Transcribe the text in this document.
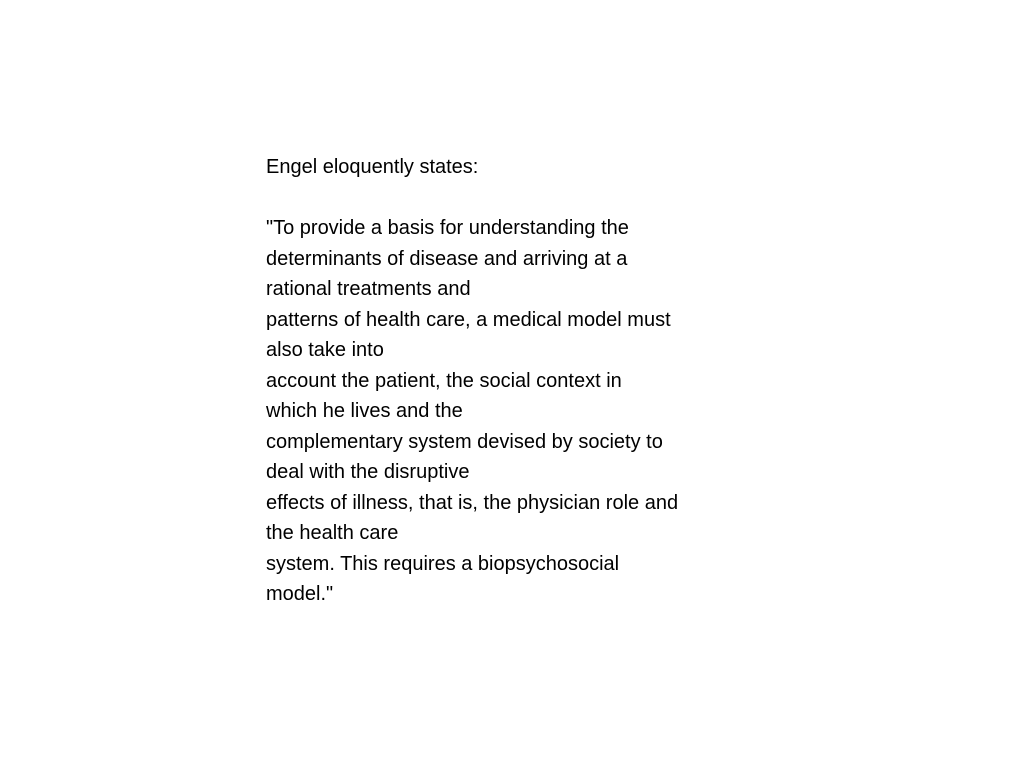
Engel eloquently states:
"To provide a basis for understanding the
determinants of disease and arriving at a
rational treatments and
patterns of health care, a medical model must
also take into
account the patient, the social context in
which he lives and the
complementary system devised by society to
deal with the disruptive
effects of illness, that is, the physician role and
the health care
system. This requires a biopsychosocial
model."
